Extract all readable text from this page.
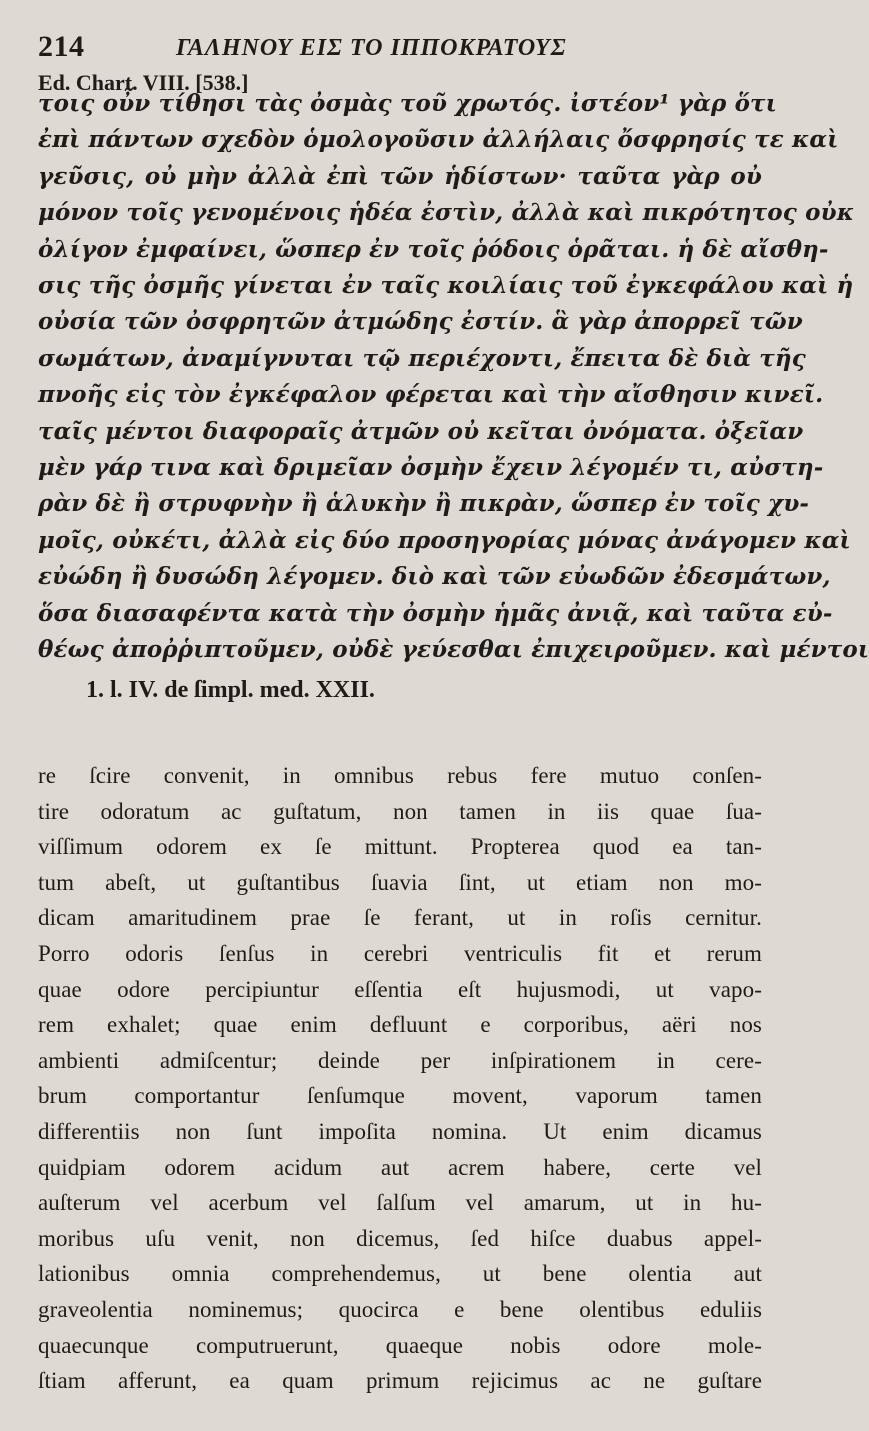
214	ΓΑΛΗΝΟΥ ΕΙΣ ΤΟ ΙΠΠΟΚΡΑΤΟΥΣ
Ed. Chart. VIII. [538.]
τοις οὖν τίθησι τὰς ὀσμὰς τοῦ χρωτός. ἰστέον¹ γὰρ ὅτι
ἐπὶ πάντων σχεδὸν ὁμολογοῦσιν ἀλλήλαις ὄσφρησίς τε καὶ
γεῦσις, οὐ μὴν ἀλλὰ ἐπὶ τῶν ἡδίστων· ταῦτα γὰρ οὐ
μόνον τοῖς γενομένοις ἡδέα ἐστὶν, ἀλλὰ καὶ πικρότητος οὐκ
ὀλίγον ἐμφαίνει, ὥσπερ ἐν τοῖς ῥόδοις ὁρᾶται. ἡ δὲ αἴσθη-
σις τῆς ὀσμῆς γίνεται ἐν ταῖς κοιλίαις τοῦ ἐγκεφάλου καὶ ἡ
οὐσία τῶν ὀσφρητῶν ἀτμώδης ἐστίν. ἃ γὰρ ἀπορρεῖ τῶν
σωμάτων, ἀναμίγνυται τῷ περιέχοντι, ἔπειτα δὲ διὰ τῆς
πνοῆς εἰς τὸν ἐγκέφαλον φέρεται καὶ τὴν αἴσθησιν κινεῖ.
ταῖς μέντοι διαφοραῖς ἀτμῶν οὐ κεῖται ὀνόματα. ὀξεῖαν
μὲν γάρ τινα καὶ δριμεῖαν ὀσμὴν ἔχειν λέγομέν τι, αὐστη-
ρὰν δὲ ἢ στρυφνὴν ἢ ἁλυκὴν ἢ πικρὰν, ὥσπερ ἐν τοῖς χυ-
μοῖς, οὐκέτι, ἀλλὰ εἰς δύο προσηγορίας μόνας ἀνάγομεν καὶ
εὐώδη ἢ δυσώδη λέγομεν. διὸ καὶ τῶν εὐωδῶν ἐδεσμάτων,
ὅσα διασαφέντα κατὰ τὴν ὀσμὴν ἡμᾶς ἀνιᾷ, καὶ ταῦτα εὐ-
θέως ἀποῤῥιπτοῦμεν, οὐδὲ γεύεσθαι ἐπιχειροῦμεν. καὶ μέντοι
1. l. IV. de ſimpl. med. XXII.
re ſcire convenit, in omnibus rebus fere mutuo conſen-
tire odoratum ac guſtatum, non tamen in iis quae ſua-
viſſimum odorem ex ſe mittunt. Propterea quod ea tan-
tum abeſt, ut guſtantibus ſuavia ſint, ut etiam non mo-
dicam amaritudinem prae ſe ferant, ut in roſis cernitur.
Porro odoris ſenſus in cerebri ventriculis fit et rerum
quae odore percipiuntur eſſentia eſt hujusmodi, ut vapo-
rem exhalet; quae enim defluunt e corporibus, aëri nos
ambienti admiſcentur; deinde per inſpirationem in cere-
brum comportantur ſenſumque movent, vaporum tamen
differentiis non ſunt impoſita nomina. Ut enim dicamus
quidpiam odorem acidum aut acrem habere, certe vel
auſterum vel acerbum vel ſalſum vel amarum, ut in hu-
moribus uſu venit, non dicemus, ſed hiſce duabus appel-
lationibus omnia comprehendemus, ut bene olentia aut
graveolentia nominemus; quocirca e bene olentibus eduliis
quaecunque computruerunt, quaeque nobis odore mole-
ſtiam afferunt, ea quam primum rejicimus ac ne guſtare
